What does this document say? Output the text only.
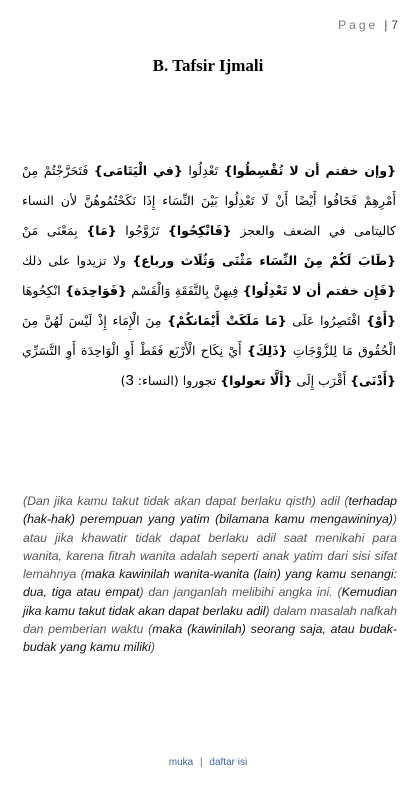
Page | 7
B. Tafsir Ijmali
{وإن خفتم أن لا تُقْسِطُوا} تَعْدِلُوا {في الْيَتَامَى} فَتَحَرَّجْتُمْ مِنْ أَمْرِهِمْ فَخَافُوا أَيْضًا أَنْ لَا تَعْدِلُوا بَيْنَ النِّسَاء إِذَا نَكَحْتُمُوهُنَّ لأن النساء كاليتامى في الضعف والعجز {فَانْكِحُوا} تَزَوَّجُوا {مَا} بِمَعْنَى مَنْ {طَابَ لَكُمْ مِنَ النِّسَاء مَثْنَى وَثُلَاث ورباع} ولا تزيدوا على ذلك {فَإِن خفتم أن لا تَعْدِلُوا} فِيهِنَّ بِالنَّفَقَةِ وَالْقَسْم {فَوَاحِدَة} انْكِحُوهَا {أَوْ} اقْتَصِرُوا عَلَى {مَا مَلَكَتْ أَيْمَانكُمْ} مِنَ الْإِمَاء إِذْ لَيْسَ لَهُنَّ مِنَ الْحُقُوق مَا لِلزَّوْجَاتِ {ذَلِكَ} أَيْ نِكَاح الْأَرْبَع فَقَطْ أَوِ الْوَاحِدَة أَوِ التَّسَرِّي {أَدْنَى} أَقْرَب إِلَى {أَلَّا تعولوا} تجوروا (النساء: 3)
(Dan jika kamu takut tidak akan dapat berlaku qisth) adil (terhadap (hak-hak) perempuan yang yatim (bilamana kamu mengawininya)) atau jika khawatir tidak dapat berlaku adil saat menikahi para wanita, karena fitrah wanita adalah seperti anak yatim dari sisi sifat lemahnya (maka kawinilah wanita-wanita (lain) yang kamu senangi: dua, tiga atau empat) dan janganlah melibihi angka ini. (Kemudian jika kamu takut tidak akan dapat berlaku adil) dalam masalah nafkah dan pemberian waktu (maka (kawinilah) seorang saja, atau budak-budak yang kamu miliki)
muka | daftar isi
